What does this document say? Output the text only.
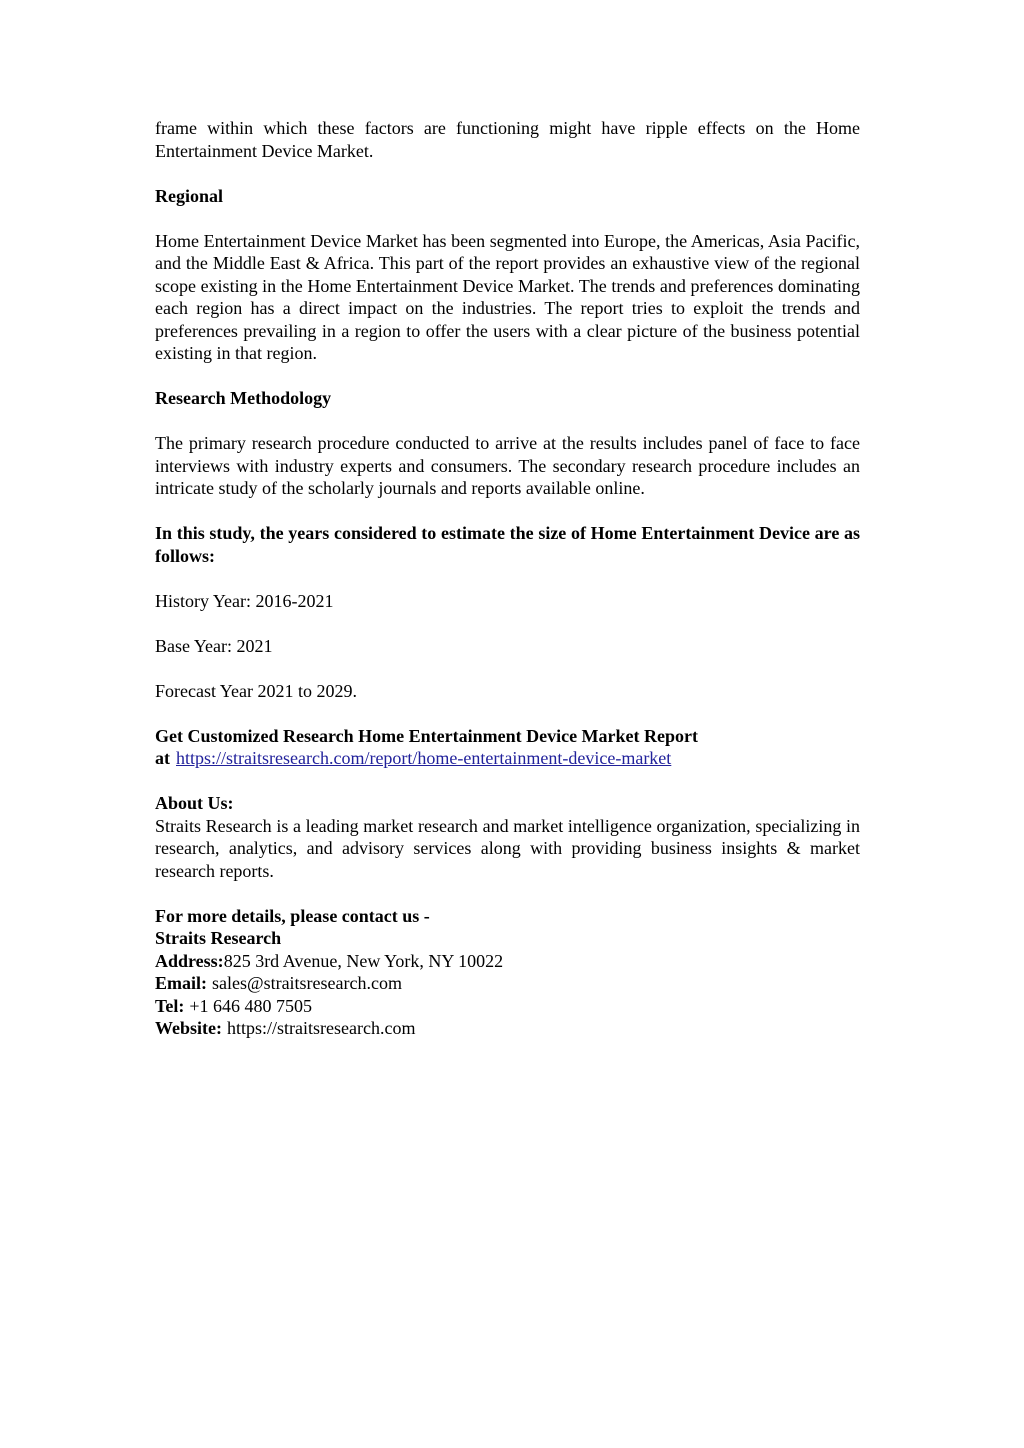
frame within which these factors are functioning might have ripple effects on the Home Entertainment Device Market.

Regional

Home Entertainment Device Market has been segmented into Europe, the Americas, Asia Pacific, and the Middle East & Africa. This part of the report provides an exhaustive view of the regional scope existing in the Home Entertainment Device Market. The trends and preferences dominating each region has a direct impact on the industries. The report tries to exploit the trends and preferences prevailing in a region to offer the users with a clear picture of the business potential existing in that region.

Research Methodology

The primary research procedure conducted to arrive at the results includes panel of face to face interviews with industry experts and consumers. The secondary research procedure includes an intricate study of the scholarly journals and reports available online.

In this study, the years considered to estimate the size of Home Entertainment Device are as follows:

History Year: 2016-2021

Base Year: 2021

Forecast Year 2021 to 2029.

Get Customized Research Home Entertainment Device Market Report
at https://straitsresearch.com/report/home-entertainment-device-market

About Us:
Straits Research is a leading market research and market intelligence organization, specializing in research, analytics, and advisory services along with providing business insights & market research reports.

For more details, please contact us -
Straits Research
Address:825 3rd Avenue, New York, NY 10022
Email: sales@straitsresearch.com
Tel: +1 646 480 7505
Website: https://straitsresearch.com
